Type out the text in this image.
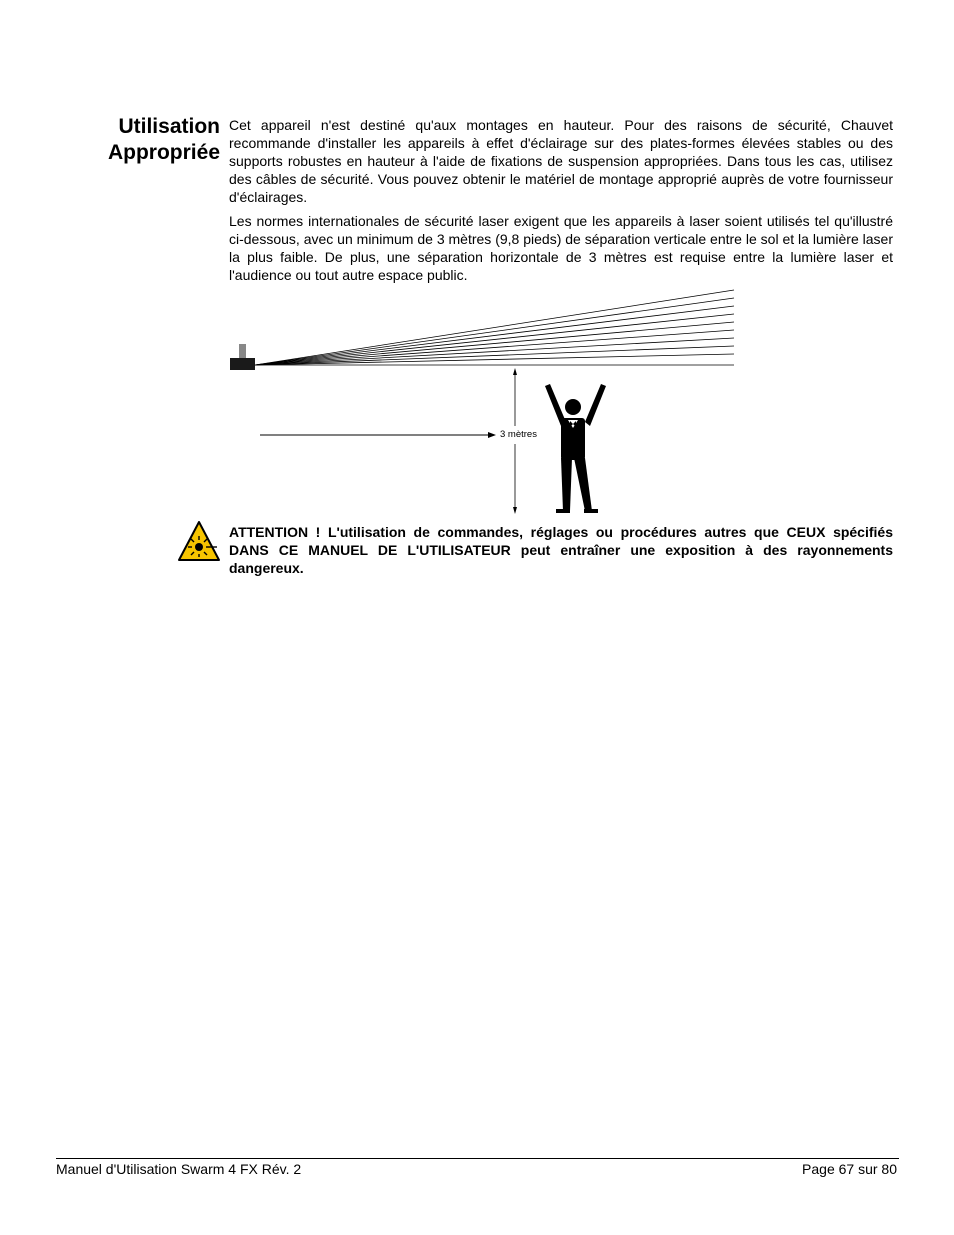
Utilisation
Appropriée

Cet appareil n'est destiné qu'aux montages en hauteur. Pour des raisons de sécurité, Chauvet recommande d'installer les appareils à effet d'éclairage sur des plates-formes élevées stables ou des supports robustes en hauteur à l'aide de fixations de suspension appropriées. Dans tous les cas, utilisez des câbles de sécurité. Vous pouvez obtenir le matériel de montage approprié auprès de votre fournisseur d'éclairages.

Les normes internationales de sécurité laser exigent que les appareils à laser soient utilisés tel qu'illustré ci-dessous, avec un minimum de 3 mètres (9,8 pieds) de séparation verticale entre le sol et la lumière laser la plus faible. De plus, une séparation horizontale de 3 mètres est requise entre la lumière laser et l'audience ou tout autre espace public.

3 mètres
ATTENTION ! L'utilisation de commandes, réglages ou procédures autres que CEUX spécifiés DANS CE MANUEL DE L'UTILISATEUR peut entraîner une exposition à des rayonnements dangereux.
Manuel d'Utilisation Swarm 4 FX Rév. 2	Page 67 sur 80
